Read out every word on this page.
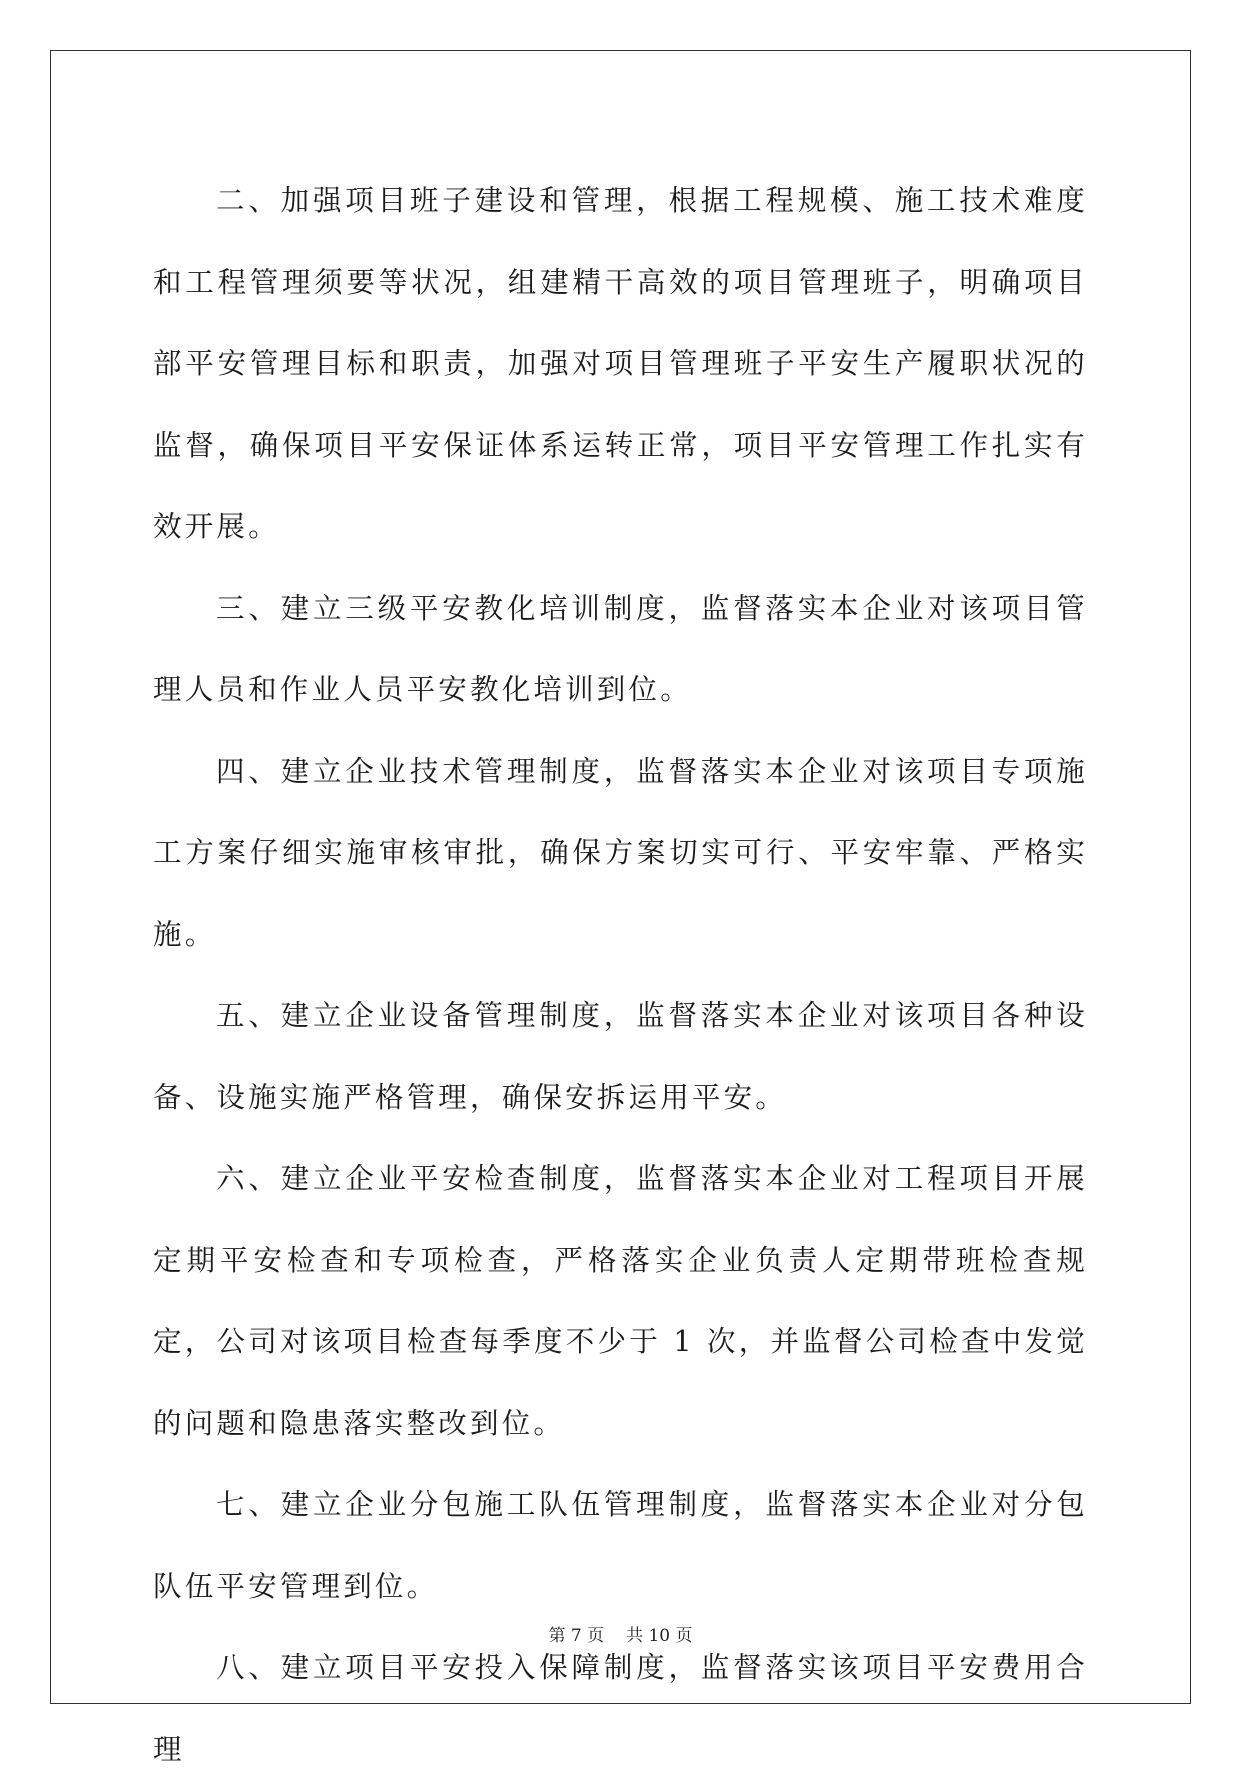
二、加强项目班子建设和管理，根据工程规模、施工技术难度和工程管理须要等状况，组建精干高效的项目管理班子，明确项目部平安管理目标和职责，加强对项目管理班子平安生产履职状况的监督，确保项目平安保证体系运转正常，项目平安管理工作扎实有效开展。

三、建立三级平安教化培训制度，监督落实本企业对该项目管理人员和作业人员平安教化培训到位。

四、建立企业技术管理制度，监督落实本企业对该项目专项施工方案仔细实施审核审批，确保方案切实可行、平安牢靠、严格实施。

五、建立企业设备管理制度，监督落实本企业对该项目各种设备、设施实施严格管理，确保安拆运用平安。

六、建立企业平安检查制度，监督落实本企业对工程项目开展定期平安检查和专项检查，严格落实企业负责人定期带班检查规定，公司对该项目检查每季度不少于 1 次，并监督公司检查中发觉的问题和隐患落实整改到位。

七、建立企业分包施工队伍管理制度，监督落实本企业对分包队伍平安管理到位。

八、建立项目平安投入保障制度，监督落实该项目平安费用合理

第 7 页 共 10 页
